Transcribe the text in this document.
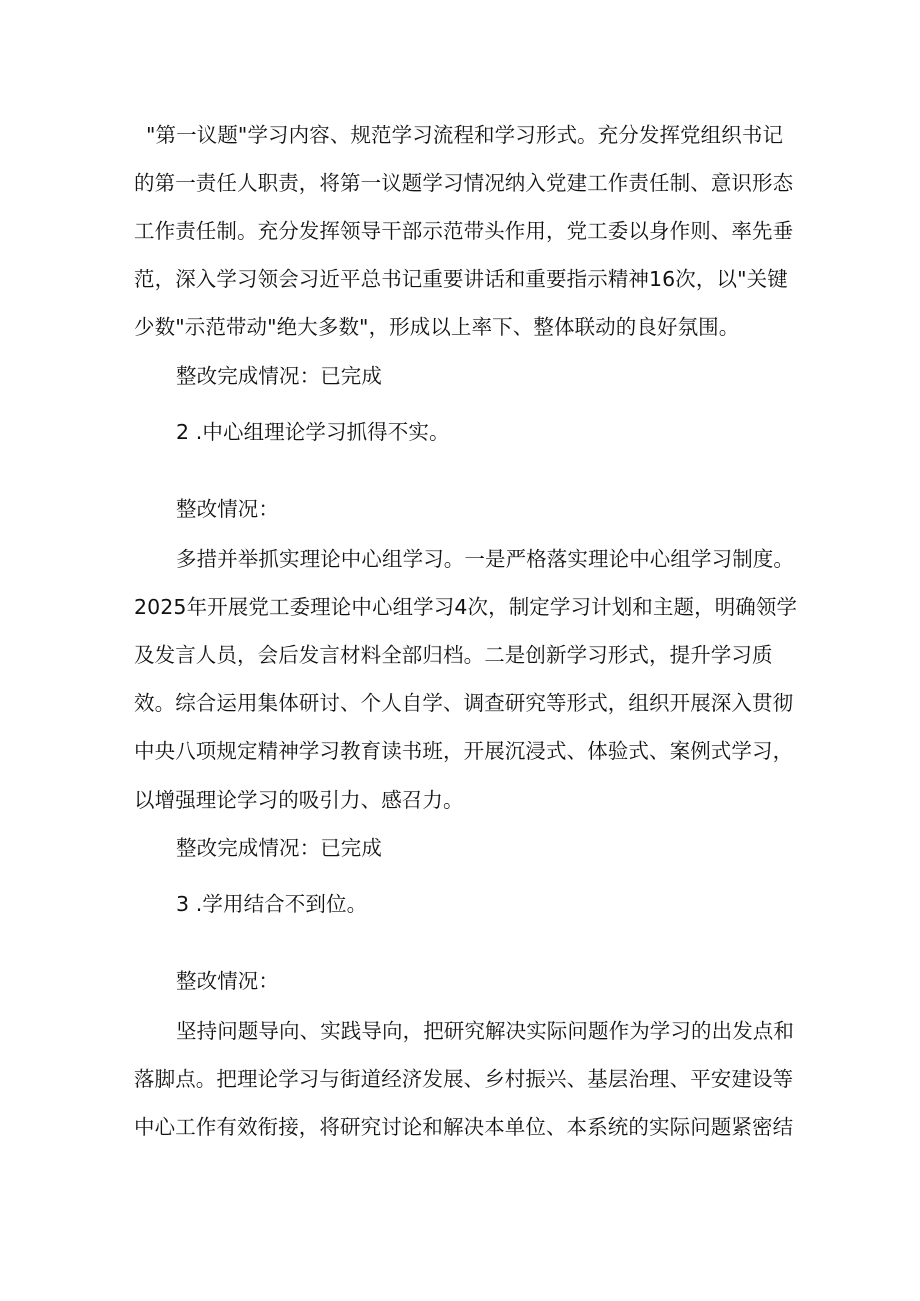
"第一议题"学习内容、规范学习流程和学习形式。充分发挥党组织书记
的第一责任人职责，将第一议题学习情况纳入党建工作责任制、意识形态
工作责任制。充分发挥领导干部示范带头作用，党工委以身作则、率先垂
范，深入学习领会习近平总书记重要讲话和重要指示精神16次，以"关键
少数"示范带动"绝大多数"，形成以上率下、整体联动的良好氛围。
整改完成情况：已完成
2 .中心组理论学习抓得不实。
整改情况：
多措并举抓实理论中心组学习。一是严格落实理论中心组学习制度。
2025年开展党工委理论中心组学习4次，制定学习计划和主题，明确领学
及发言人员，会后发言材料全部归档。二是创新学习形式，提升学习质
效。综合运用集体研讨、个人自学、调查研究等形式，组织开展深入贯彻
中央八项规定精神学习教育读书班，开展沉浸式、体验式、案例式学习，
以增强理论学习的吸引力、感召力。
整改完成情况：已完成
3 .学用结合不到位。
整改情况：
坚持问题导向、实践导向，把研究解决实际问题作为学习的出发点和
落脚点。把理论学习与街道经济发展、乡村振兴、基层治理、平安建设等
中心工作有效衔接，将研究讨论和解决本单位、本系统的实际问题紧密结
